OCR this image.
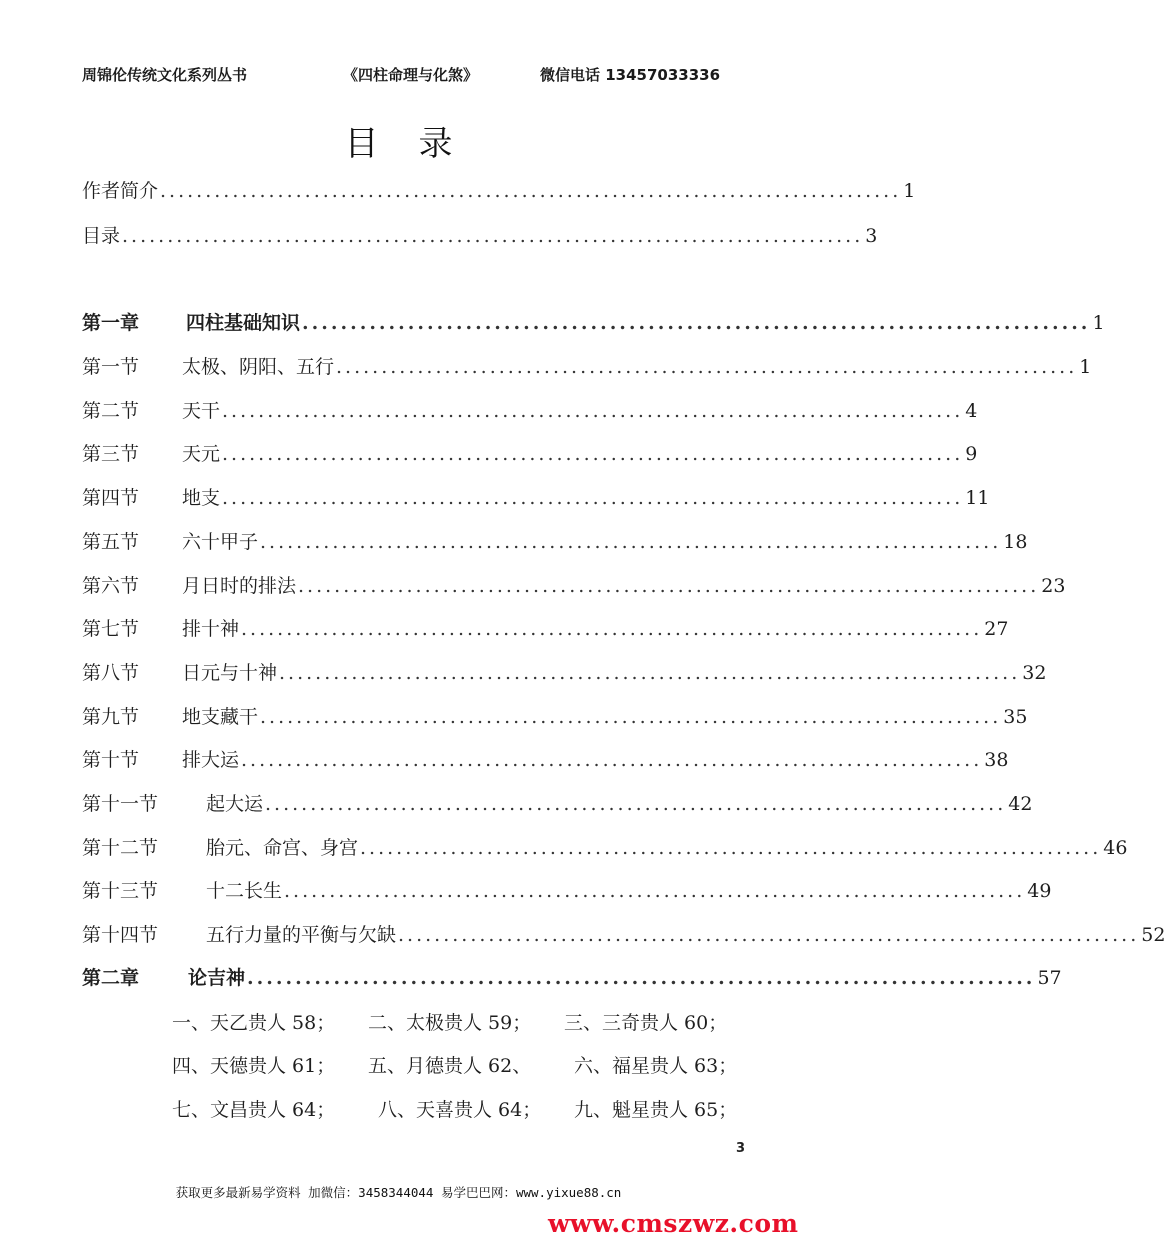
周锦伦传统文化系列丛书	《四柱命理与化煞》	微信电话 13457033336
目录
作者简介 .................................................................................. 1
目录 .................................................................................. 3
第一章	四柱基础知识 .................................................................................. 1
第一节	太极、阴阳、五行 .................................................................................. 1
第二节	天干 .................................................................................. 4
第三节	天元 .................................................................................. 9
第四节	地支 .................................................................................. 11
第五节	六十甲子 .................................................................................. 18
第六节	月日时的排法 .................................................................................. 23
第七节	排十神 .................................................................................. 27
第八节	日元与十神 .................................................................................. 32
第九节	地支藏干 .................................................................................. 35
第十节	排大运 .................................................................................. 38
第十一节	起大运 .................................................................................. 42
第十二节	胎元、命宫、身宫 .................................................................................. 46
第十三节	十二长生 .................................................................................. 49
第十四节	五行力量的平衡与欠缺 .................................................................................. 52
第二章	论吉神 .................................................................................. 57
一、天乙贵人 58；	二、太极贵人 59；	三、三奇贵人 60；
四、天德贵人 61；	五、月德贵人 62、	六、福星贵人 63；
七、文昌贵人 64；	八、天喜贵人 64；	九、魁星贵人 65；
3
获取更多最新易学资料 加微信：3458344044 易学巴巴网：www.yixue88.cn
www.cmszwz.com
